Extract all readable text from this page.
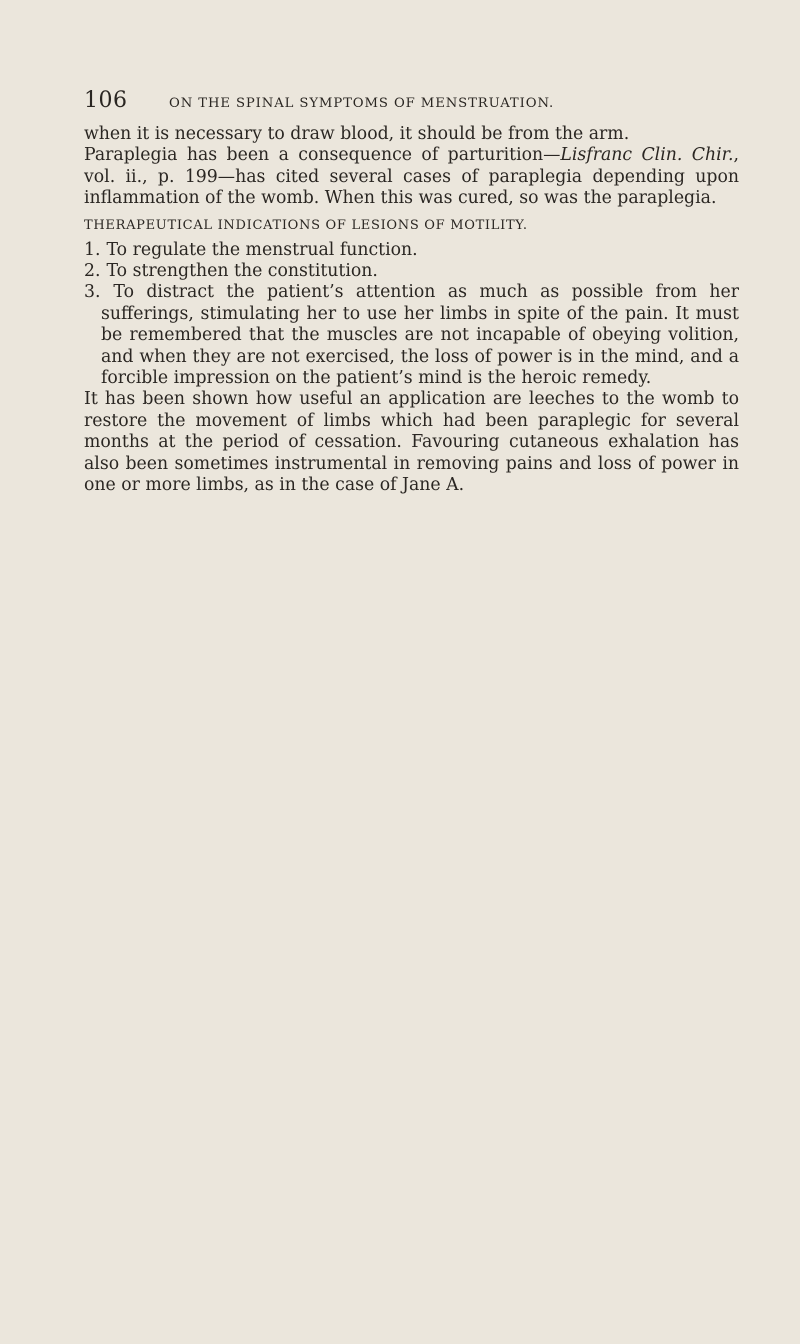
106	ON THE SPINAL SYMPTOMS OF MENSTRUATION.

when it is necessary to draw blood, it should be from the arm.

Paraplegia has been a consequence of parturition—Lisfranc Clin. Chir., vol. ii., p. 199—has cited several cases of paraplegia depending upon inflammation of the womb. When this was cured, so was the paraplegia.

THERAPEUTICAL INDICATIONS OF LESIONS OF MOTILITY.

1. To regulate the menstrual function.

2. To strengthen the constitution.

3. To distract the patient’s attention as much as possible from her sufferings, stimulating her to use her limbs in spite of the pain. It must be remembered that the muscles are not incapable of obeying volition, and when they are not exercised, the loss of power is in the mind, and a forcible impression on the patient’s mind is the heroic remedy.

It has been shown how useful an application are leeches to the womb to restore the movement of limbs which had been paraplegic for several months at the period of cessation. Favouring cutaneous exhalation has also been sometimes instrumental in removing pains and loss of power in one or more limbs, as in the case of Jane A.
